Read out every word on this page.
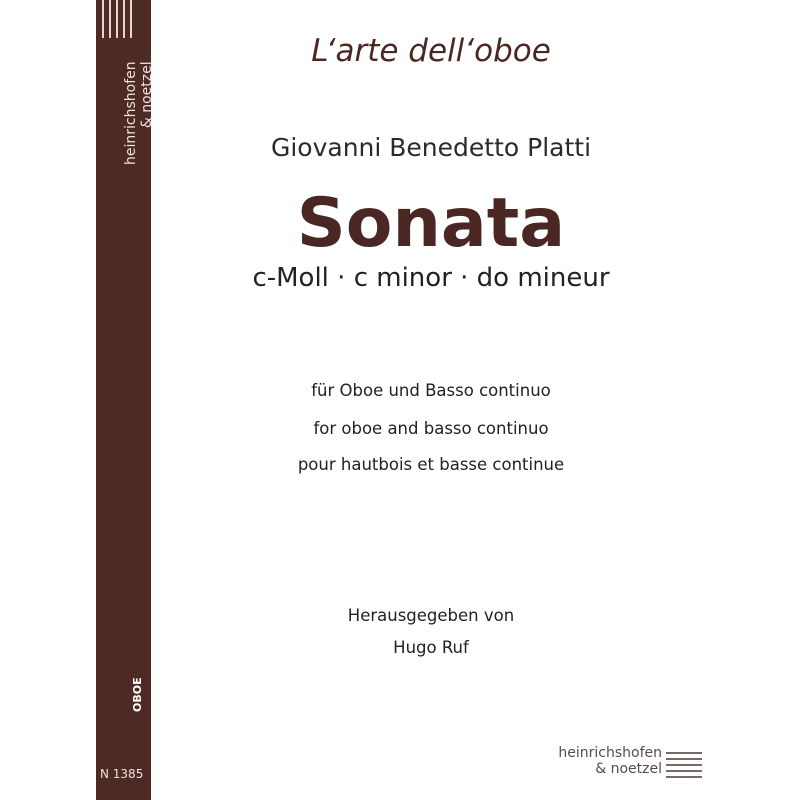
heinrichshofen & noetzel
OBOE
N 1385
L‘arte dell‘oboe
Giovanni Benedetto Platti
Sonata
c-Moll · c minor · do mineur
für Oboe und Basso continuo
for oboe and basso continuo
pour hautbois et basse continue
Herausgegeben von
Hugo Ruf
heinrichshofen
& noetzel
